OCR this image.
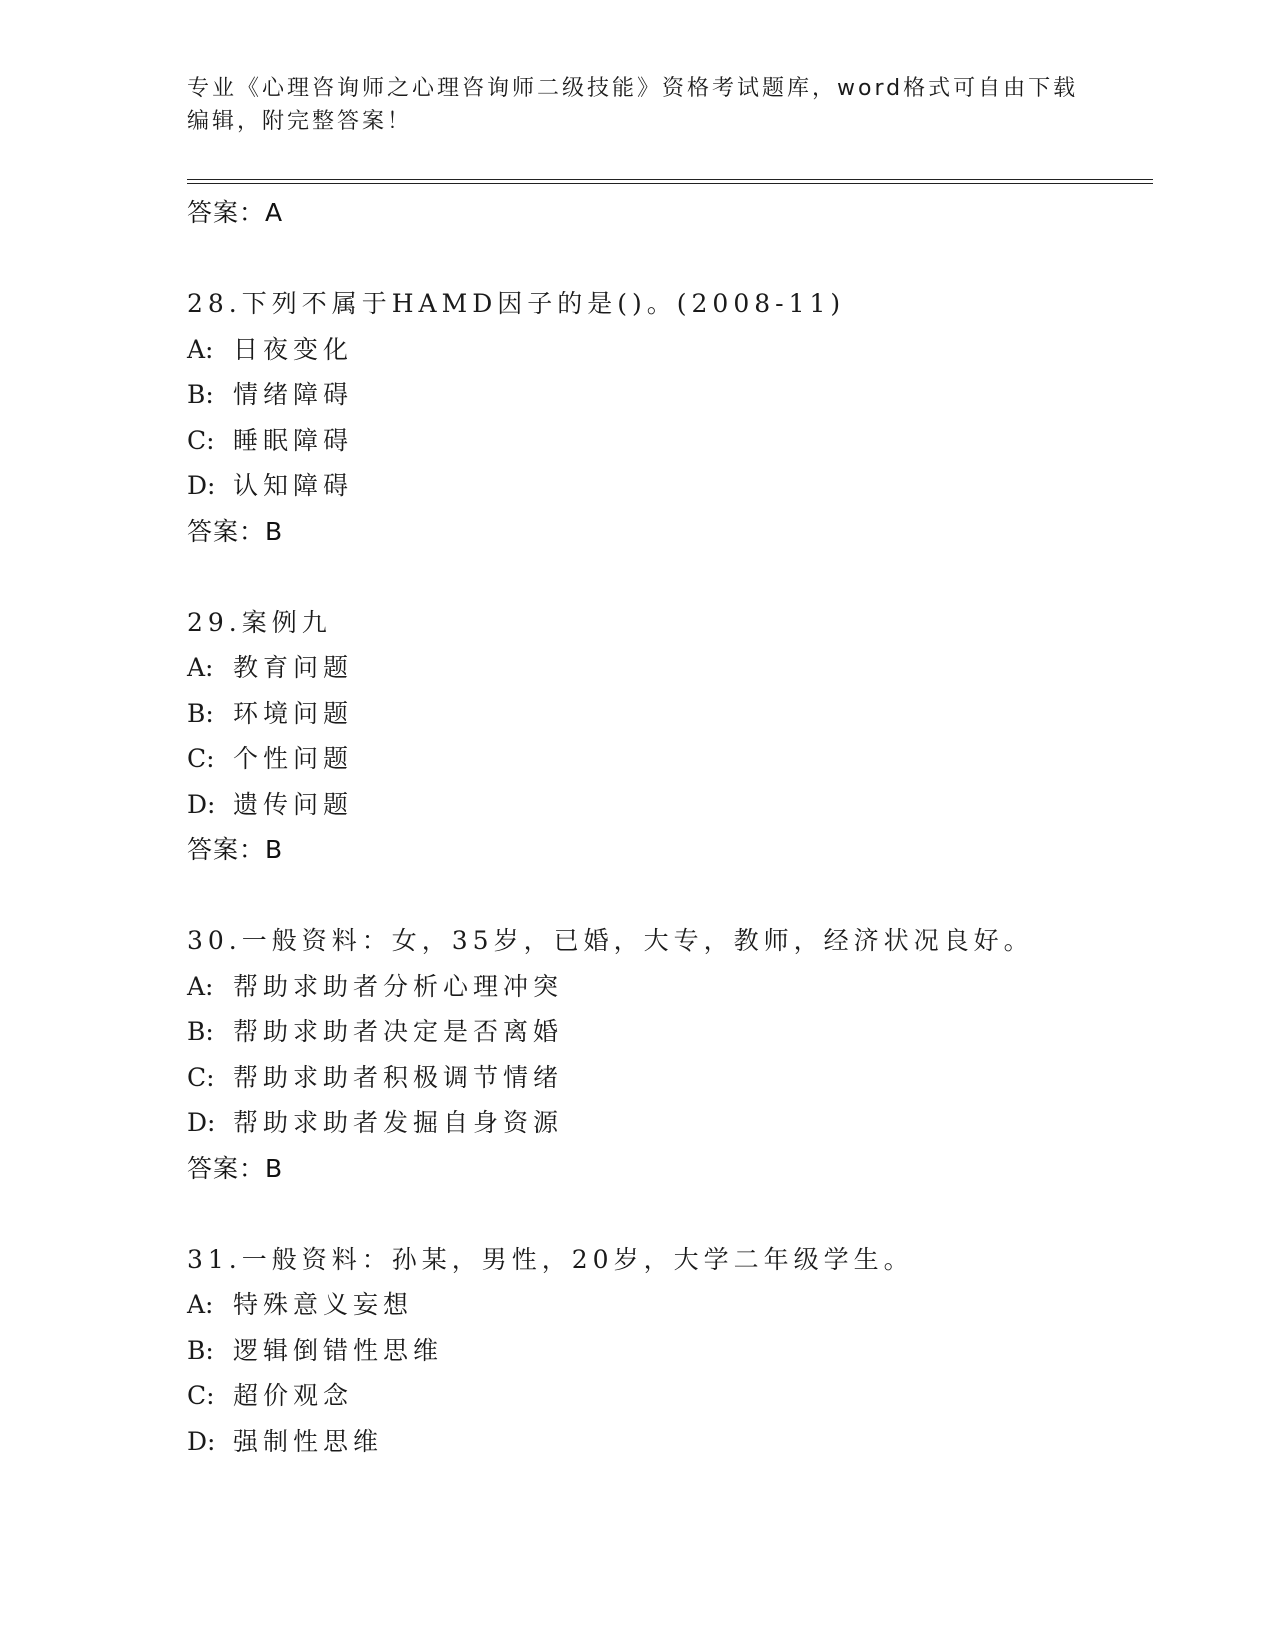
专业《心理咨询师之心理咨询师二级技能》资格考试题库，word格式可自由下载
编辑，附完整答案！
答案：A
28.下列不属于HAMD因子的是()。(2008-11)
A: 日夜变化
B: 情绪障碍
C: 睡眠障碍
D: 认知障碍
答案：B
29.案例九
A: 教育问题
B: 环境问题
C: 个性问题
D: 遗传问题
答案：B
30.一般资料：女，35岁，已婚，大专，教师，经济状况良好。
A: 帮助求助者分析心理冲突
B: 帮助求助者决定是否离婚
C: 帮助求助者积极调节情绪
D: 帮助求助者发掘自身资源
答案：B
31.一般资料：孙某，男性，20岁，大学二年级学生。
A: 特殊意义妄想
B: 逻辑倒错性思维
C: 超价观念
D: 强制性思维
